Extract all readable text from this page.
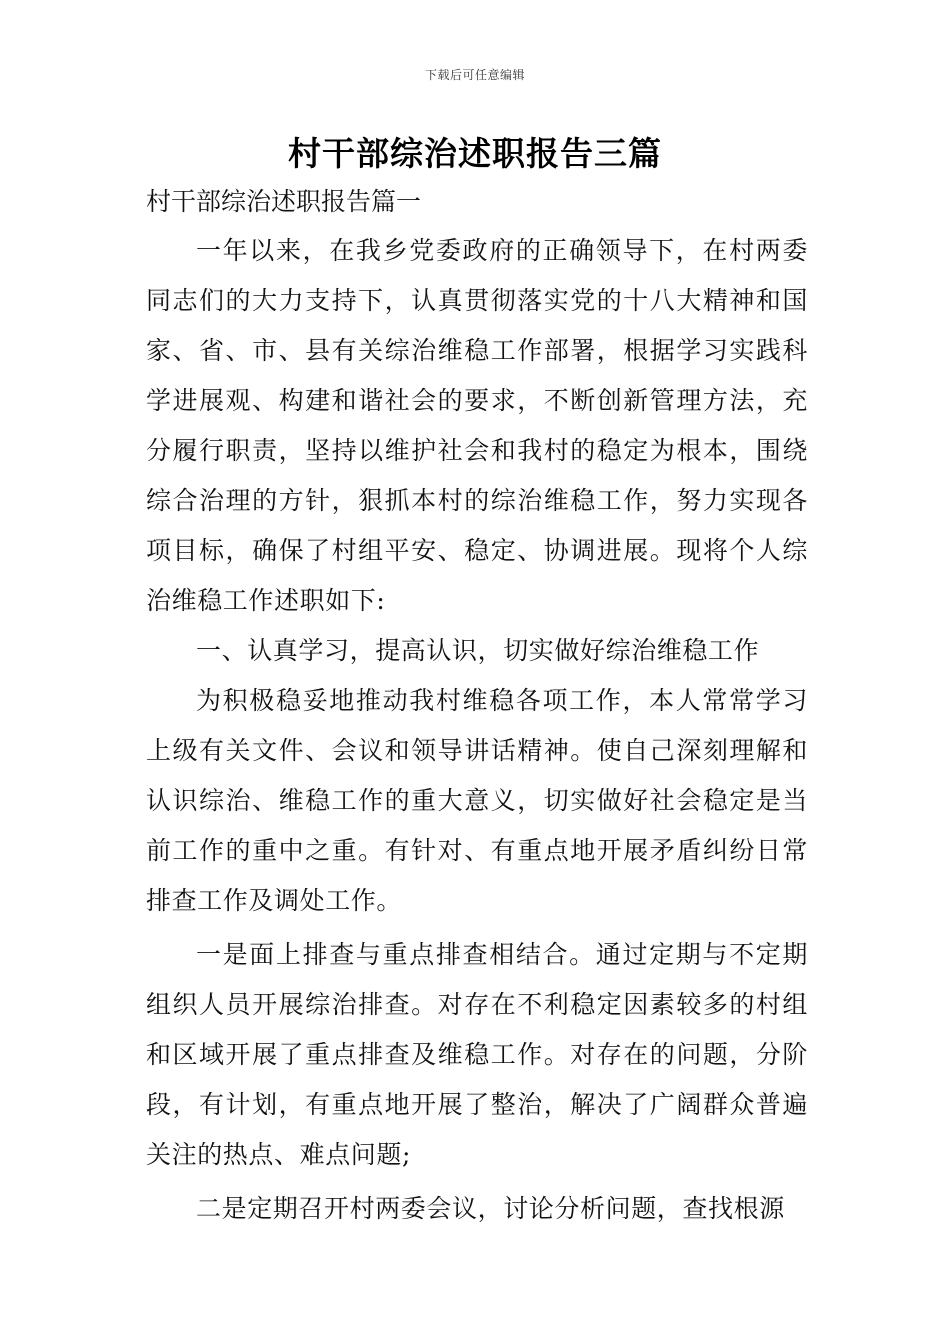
下载后可任意编辑
村干部综治述职报告三篇

村干部综治述职报告篇一

一年以来，在我乡党委政府的正确领导下，在村两委同志们的大力支持下，认真贯彻落实党的十八大精神和国家、省、市、县有关综治维稳工作部署，根据学习实践科学进展观、构建和谐社会的要求，不断创新管理方法，充分履行职责，坚持以维护社会和我村的稳定为根本，围绕综合治理的方针，狠抓本村的综治维稳工作，努力实现各项目标，确保了村组平安、稳定、协调进展。现将个人综治维稳工作述职如下:

一、认真学习，提高认识，切实做好综治维稳工作

为积极稳妥地推动我村维稳各项工作，本人常常学习上级有关文件、会议和领导讲话精神。使自己深刻理解和认识综治、维稳工作的重大意义，切实做好社会稳定是当前工作的重中之重。有针对、有重点地开展矛盾纠纷日常排查工作及调处工作。

一是面上排查与重点排查相结合。通过定期与不定期组织人员开展综治排查。对存在不利稳定因素较多的村组和区域开展了重点排查及维稳工作。对存在的问题，分阶段，有计划，有重点地开展了整治，解决了广阔群众普遍关注的热点、难点问题;

二是定期召开村两委会议，讨论分析问题，查找根源
